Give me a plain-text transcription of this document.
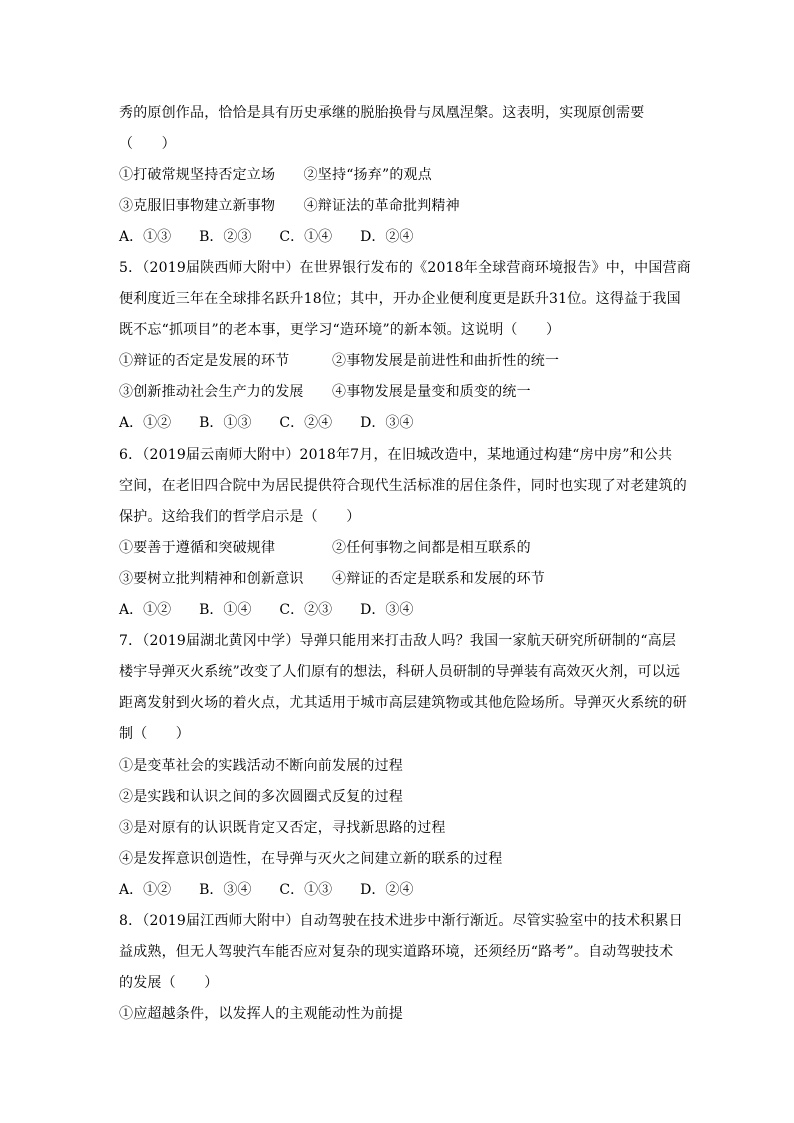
秀的原创作品，恰恰是具有历史承继的脱胎换骨与凤凰涅槃。这表明，实现原创需要
（　　）
①打破常规坚持否定立场　　②坚持“扬弃”的观点
③克服旧事物建立新事物　　④辩证法的革命批判精神
A．①③　　B．②③　　C．①④　　D．②④
5．（2019届陕西师大附中）在世界银行发布的《2018年全球营商环境报告》中，中国营商
便利度近三年在全球排名跃升18位；其中，开办企业便利度更是跃升31位。这得益于我国
既不忘“抓项目”的老本事，更学习“造环境”的新本领。这说明（　　）
①辩证的否定是发展的环节　　　②事物发展是前进性和曲折性的统一
③创新推动社会生产力的发展　　④事物发展是量变和质变的统一
A．①②　　B．①③　　C．②④　　D．③④
6．（2019届云南师大附中）2018年7月，在旧城改造中，某地通过构建“房中房”和公共
空间，在老旧四合院中为居民提供符合现代生活标准的居住条件，同时也实现了对老建筑的
保护。这给我们的哲学启示是（　　）
①要善于遵循和突破规律　　　　②任何事物之间都是相互联系的
③要树立批判精神和创新意识　　④辩证的否定是联系和发展的环节
A．①②　　B．①④　　C．②③　　D．③④
7．（2019届湖北黄冈中学）导弹只能用来打击敌人吗？我国一家航天研究所研制的“高层
楼宇导弹灭火系统”改变了人们原有的想法，科研人员研制的导弹装有高效灭火剂，可以远
距离发射到火场的着火点，尤其适用于城市高层建筑物或其他危险场所。导弹灭火系统的研
制（　　）
①是变革社会的实践活动不断向前发展的过程
②是实践和认识之间的多次圆圈式反复的过程
③是对原有的认识既肯定又否定，寻找新思路的过程
④是发挥意识创造性，在导弹与灭火之间建立新的联系的过程
A．①②　　B．③④　　C．①③　　D．②④
8．（2019届江西师大附中）自动驾驶在技术进步中渐行渐近。尽管实验室中的技术积累日
益成熟，但无人驾驶汽车能否应对复杂的现实道路环境，还须经历“路考”。自动驾驶技术
的发展（　　）
①应超越条件，以发挥人的主观能动性为前提
